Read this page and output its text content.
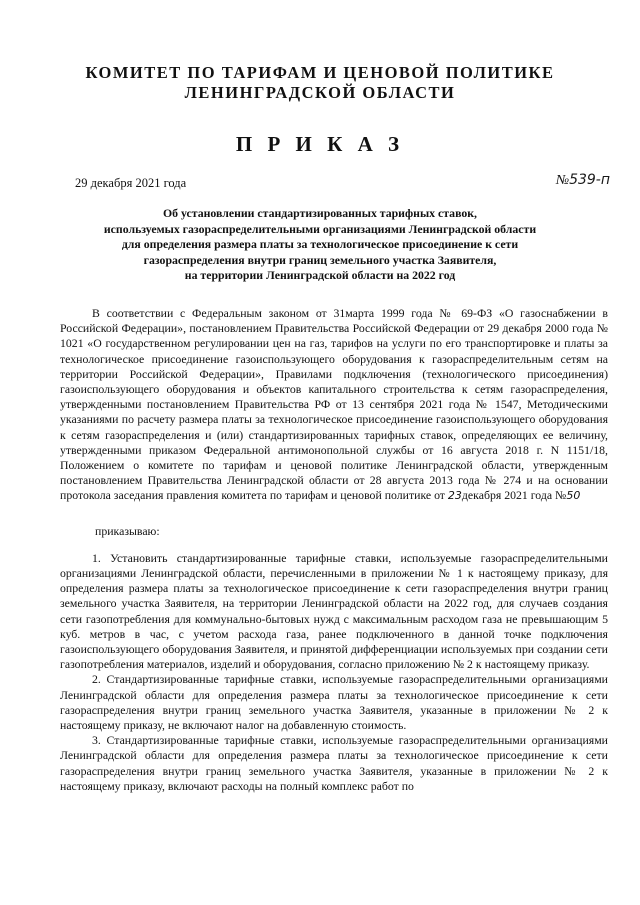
КОМИТЕТ ПО ТАРИФАМ И ЦЕНОВОЙ ПОЛИТИКЕ
ЛЕНИНГРАДСКОЙ ОБЛАСТИ
П Р И К А З
29 декабря 2021 года	№539-п
Об установлении стандартизированных тарифных ставок,
используемых газораспределительными организациями Ленинградской области
для определения размера платы за технологическое присоединение к сети
газораспределения внутри границ земельного участка Заявителя,
на территории Ленинградской области на 2022 год

В соответствии с Федеральным законом от 31марта 1999 года № 69-ФЗ «О газоснабжении в Российской Федерации», постановлением Правительства Российской Федерации от 29 декабря 2000 года № 1021 «О государственном регулировании цен на газ, тарифов на услуги по его транспортировке и платы за технологическое присоединение газоиспользующего оборудования к газораспределительным сетям на территории Российской Федерации», Правилами подключения (технологического присоединения) газоиспользующего оборудования и объектов капитального строительства к сетям газораспределения, утвержденными постановлением Правительства РФ от 13 сентября 2021 года № 1547, Методическими указаниями по расчету размера платы за технологическое присоединение газоиспользующего оборудования к сетям газораспределения и (или) стандартизированных тарифных ставок, определяющих ее величину, утвержденными приказом Федеральной антимонопольной службы от 16 августа 2018 г. N 1151/18, Положением о комитете по тарифам и ценовой политике Ленинградской области, утвержденным постановлением Правительства Ленинградской области от 28 августа 2013 года № 274 и на основании протокола заседания правления комитета по тарифам и ценовой политике от 23декабря 2021 года №50

приказываю:

1. Установить стандартизированные тарифные ставки, используемые газораспределительными организациями Ленинградской области, перечисленными в приложении № 1 к настоящему приказу, для определения размера платы за технологическое присоединение к сети газораспределения внутри границ земельного участка Заявителя, на территории Ленинградской области на 2022 год, для случаев создания сети газопотребления для коммунально-бытовых нужд с максимальным расходом газа не превышающим 5 куб. метров в час, с учетом расхода газа, ранее подключенного в данной точке подключения газоиспользующего оборудования Заявителя, и принятой дифференциации используемых при создании сети газопотребления материалов, изделий и оборудования, согласно приложению № 2 к настоящему приказу.

2. Стандартизированные тарифные ставки, используемые газораспределительными организациями Ленинградской области для определения размера платы за технологическое присоединение к сети газораспределения внутри границ земельного участка Заявителя, указанные в приложении № 2 к настоящему приказу, не включают налог на добавленную стоимость.

3. Стандартизированные тарифные ставки, используемые газораспределительными организациями Ленинградской области для определения размера платы за технологическое присоединение к сети газораспределения внутри границ земельного участка Заявителя, указанные в приложении № 2 к настоящему приказу, включают расходы на полный комплекс работ по
